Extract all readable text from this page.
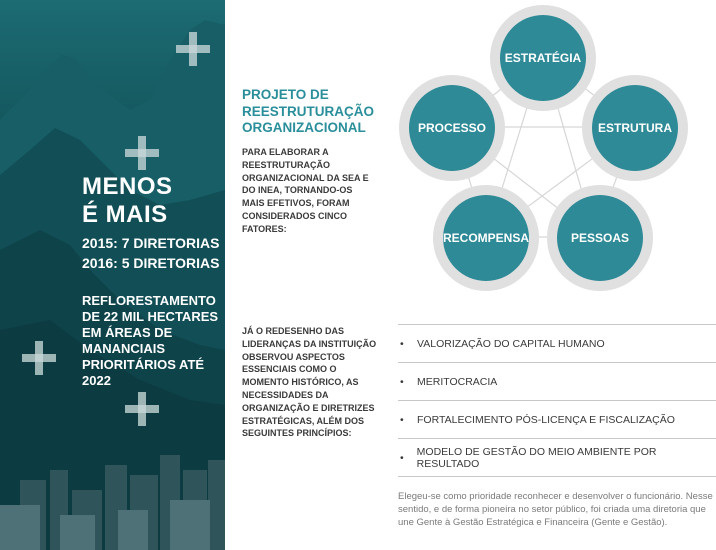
MENOS
É MAIS
2015: 7 DIRETORIAS
2016: 5 DIRETORIAS
REFLORESTAMENTO DE 22 MIL HECTARES EM ÁREAS DE MANANCIAIS PRIORITÁRIOS ATÉ 2022
PROJETO DE REESTRUTURAÇÃO ORGANIZACIONAL
PARA ELABORAR A REESTRUTURAÇÃO ORGANIZACIONAL DA SEA E DO INEA, TORNANDO-OS MAIS EFETIVOS, FORAM CONSIDERADOS CINCO FATORES:
JÁ O REDESENHO DAS LIDERANÇAS DA INSTITUIÇÃO OBSERVOU ASPECTOS ESSENCIAIS COMO O MOMENTO HISTÓRICO, AS NECESSIDADES DA ORGANIZAÇÃO E DIRETRIZES ESTRATÉGICAS, ALÉM DOS SEGUINTES PRINCÍPIOS:
ESTRATÉGIA
ESTRUTURA
PESSOAS
RECOMPENSA
PROCESSO
•	VALORIZAÇÃO DO CAPITAL HUMANO
•	MERITOCRACIA
•	FORTALECIMENTO PÓS-LICENÇA E FISCALIZAÇÃO
•	MODELO DE GESTÃO DO MEIO AMBIENTE POR RESULTADO
Elegeu-se como prioridade reconhecer e desenvolver o funcionário. Nesse sentido, e de forma pioneira no setor público, foi criada uma diretoria que une Gente à Gestão Estratégica e Financeira (Gente e Gestão).
